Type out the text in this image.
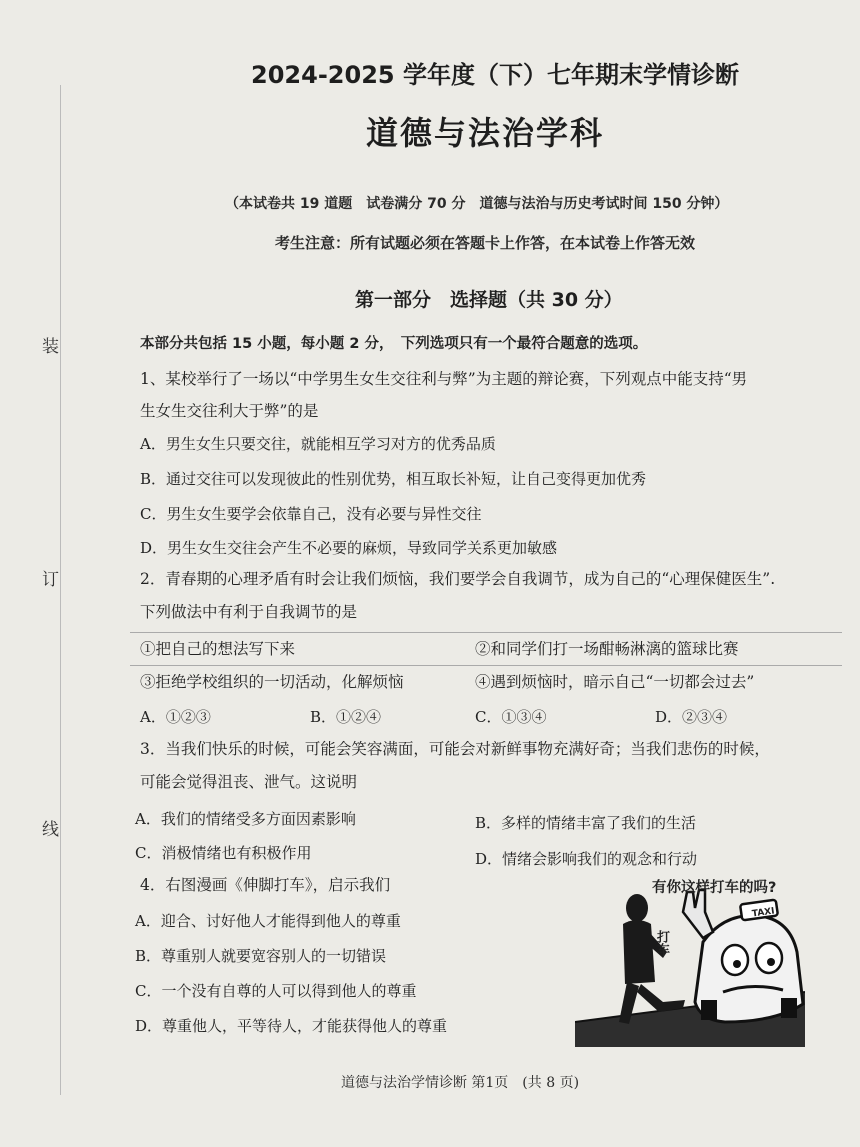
装
订
线
2024-2025 学年度（下）七年期末学情诊断
道德与法治学科
（本试卷共 19 道题　试卷满分 70 分　道德与法治与历史考试时间 150 分钟）
考生注意：所有试题必须在答题卡上作答，在本试卷上作答无效
第一部分　选择题（共 30 分）
本部分共包括 15 小题，每小题 2 分，　下列选项只有一个最符合题意的选项。
1、某校举行了一场以“中学男生女生交往利与弊”为主题的辩论赛，下列观点中能支持“男
生女生交往利大于弊”的是
A．男生女生只要交往，就能相互学习对方的优秀品质
B．通过交往可以发现彼此的性别优势，相互取长补短，让自己变得更加优秀
C．男生女生要学会依靠自己，没有必要与异性交往
D．男生女生交往会产生不必要的麻烦，导致同学关系更加敏感
2．青春期的心理矛盾有时会让我们烦恼，我们要学会自我调节，成为自己的“心理保健医生”.
下列做法中有利于自我调节的是
①把自己的想法写下来	②和同学们打一场酣畅淋漓的篮球比赛
③拒绝学校组织的一切活动，化解烦恼	④遇到烦恼时，暗示自己“一切都会过去”
A．①②③	B．①②④	C．①③④	D．②③④
3．当我们快乐的时候，可能会笑容满面，可能会对新鲜事物充满好奇；当我们悲伤的时候，
可能会觉得沮丧、泄气。这说明
A．我们的情绪受多方面因素影响	B．多样的情绪丰富了我们的生活
C．消极情绪也有积极作用	D．情绪会影响我们的观念和行动
4．右图漫画《伸脚打车》，启示我们
A．迎合、讨好他人才能得到他人的尊重
B．尊重别人就要宽容别人的一切错误
C．一个没有自尊的人可以得到他人的尊重
D．尊重他人，平等待人，才能获得他人的尊重
有你这样打车的吗?
打车
TAXI
道德与法治学情诊断 第1页　(共 8 页)
